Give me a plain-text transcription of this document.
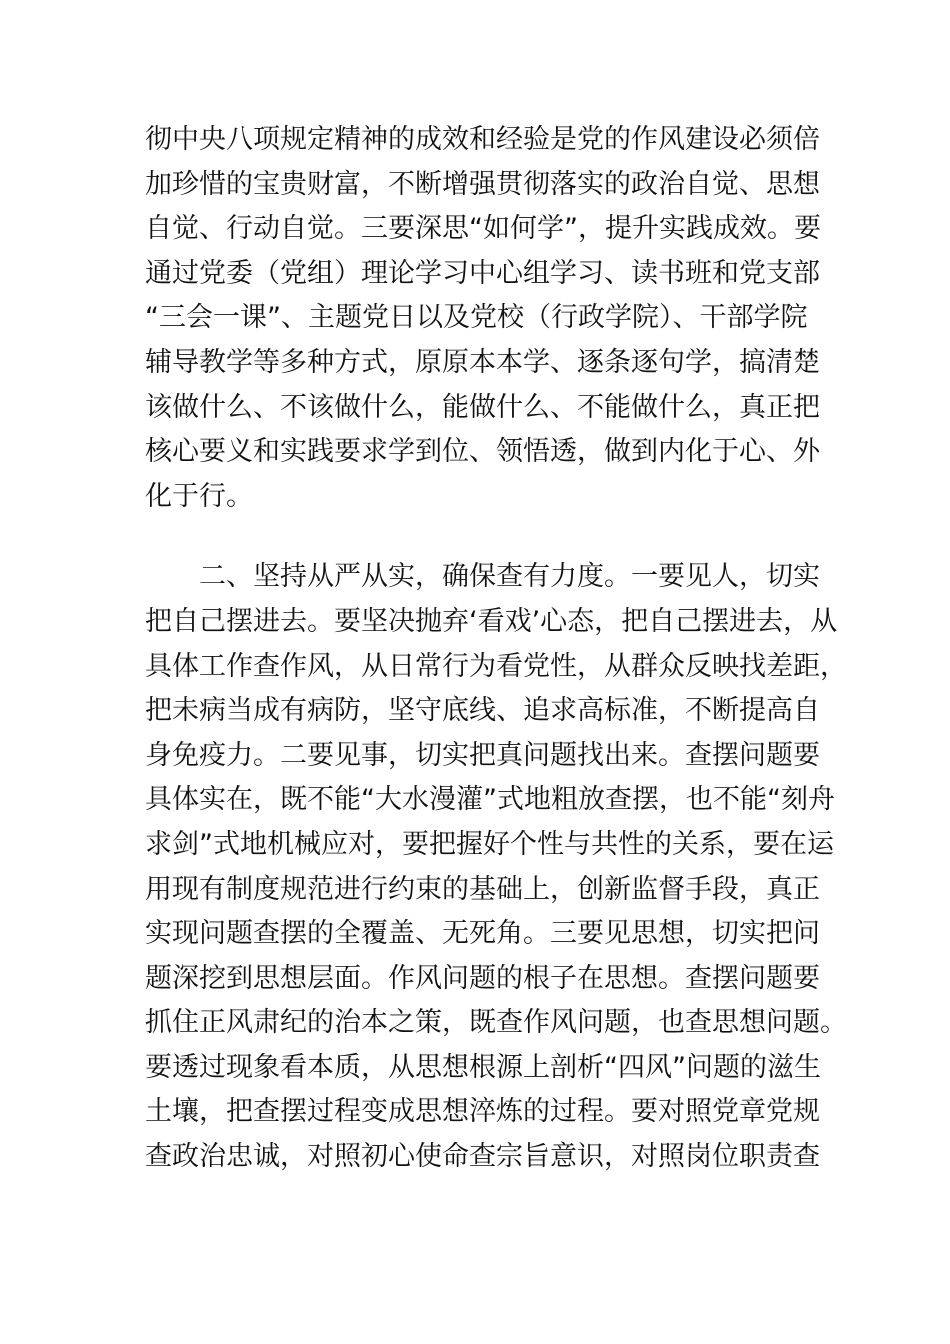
彻中央八项规定精神的成效和经验是党的作风建设必须倍
加珍惜的宝贵财富，不断增强贯彻落实的政治自觉、思想
自觉、行动自觉。三要深思“如何学”，提升实践成效。要
通过党委（党组）理论学习中心组学习、读书班和党支部
“三会一课”、主题党日以及党校（行政学院）、干部学院
辅导教学等多种方式，原原本本学、逐条逐句学，搞清楚
该做什么、不该做什么，能做什么、不能做什么，真正把
核心要义和实践要求学到位、领悟透，做到内化于心、外
化于行。
　　二、坚持从严从实，确保查有力度。一要见人，切实
把自己摆进去。要坚决抛弃‘看戏’心态，把自己摆进去，从
具体工作查作风，从日常行为看党性，从群众反映找差距，
把未病当成有病防，坚守底线、追求高标准，不断提高自
身免疫力。二要见事，切实把真问题找出来。查摆问题要
具体实在，既不能“大水漫灌”式地粗放查摆，也不能“刻舟
求剑”式地机械应对，要把握好个性与共性的关系，要在运
用现有制度规范进行约束的基础上，创新监督手段，真正
实现问题查摆的全覆盖、无死角。三要见思想，切实把问
题深挖到思想层面。作风问题的根子在思想。查摆问题要
抓住正风肃纪的治本之策，既查作风问题，也查思想问题。
要透过现象看本质，从思想根源上剖析“四风”问题的滋生
土壤，把查摆过程变成思想淬炼的过程。要对照党章党规
查政治忠诚，对照初心使命查宗旨意识，对照岗位职责查
